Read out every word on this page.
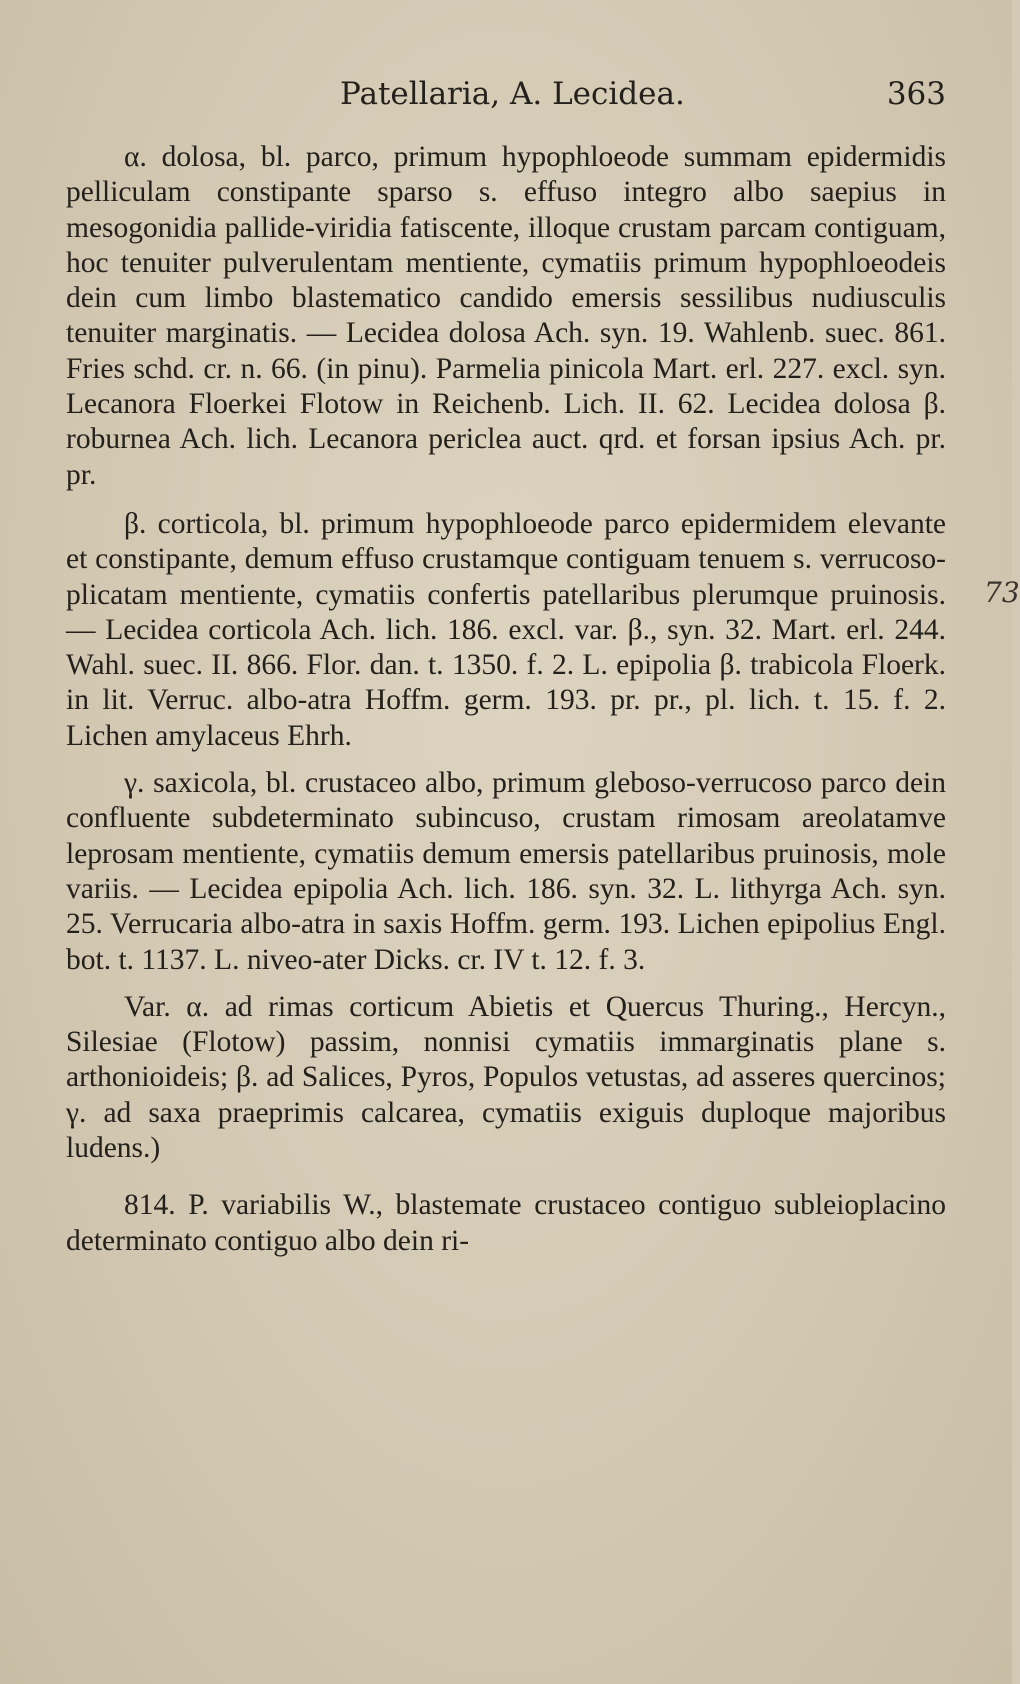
Patellaria, A. Lecidea.	363

α. dolosa, bl. parco, primum hypophloeode summam epidermidis pelliculam constipante sparso s. effuso integro albo saepius in mesogonidia pallide-viridia fatiscente, illoque crustam parcam contiguam, hoc tenuiter pulverulentam mentiente, cymatiis primum hypophloeodeis dein cum limbo blastematico candido emersis sessilibus nudiusculis tenuiter marginatis. — Lecidea dolosa Ach. syn. 19. Wahlenb. suec. 861. Fries schd. cr. n. 66. (in pinu). Parmelia pinicola Mart. erl. 227. excl. syn. Lecanora Floerkei Flotow in Reichenb. Lich. II. 62. Lecidea dolosa β. roburnea Ach. lich. Lecanora pericleа auct. qrd. et forsan ipsius Ach. pr. pr.

β. corticola, bl. primum hypophloeode parco epidermidem elevante et constipante, demum effuso crustamque contiguam tenuem s. verrucoso-plicatam mentiente, cymatiis confertis patellaribus plerumque pruinosis. — Lecidea corticola Ach. lich. 186. excl. var. β., syn. 32. Mart. erl. 244. Wahl. suec. II. 866. Flor. dan. t. 1350. f. 2. L. epipolia β. trabicola Floerk. in lit. Verruc. albo-atra Hoffm. germ. 193. pr. pr., pl. lich. t. 15. f. 2. Lichen amylaceus Ehrh.

γ. saxicola, bl. crustaceo albo, primum gleboso-verrucoso parco dein confluente subdeterminato subincuso, crustam rimosam areolatamve leprosam mentiente, cymatiis demum emersis patellaribus pruinosis, mole variis. — Lecidea epipolia Ach. lich. 186. syn. 32. L. lithyrga Ach. syn. 25. Verrucaria albo-atra in saxis Hoffm. germ. 193. Lichen epipolius Engl. bot. t. 1137. L. niveo-ater Dicks. cr. IV t. 12. f. 3.

Var. α. ad rimas corticum Abietis et Quercus Thuring., Hercyn., Silesiae (Flotow) passim, nonnisi cymatiis immarginatis plane s. arthonioideis; β. ad Salices, Pyros, Populos vetustas, ad asseres quercinos; γ. ad saxa praeprimis calcarea, cymatiis exiguis duploque majoribus ludens.)

814. P. variabilis W., blastemate crustaceo contiguo subleioplacino determinato contiguo albo dein ri-

73
